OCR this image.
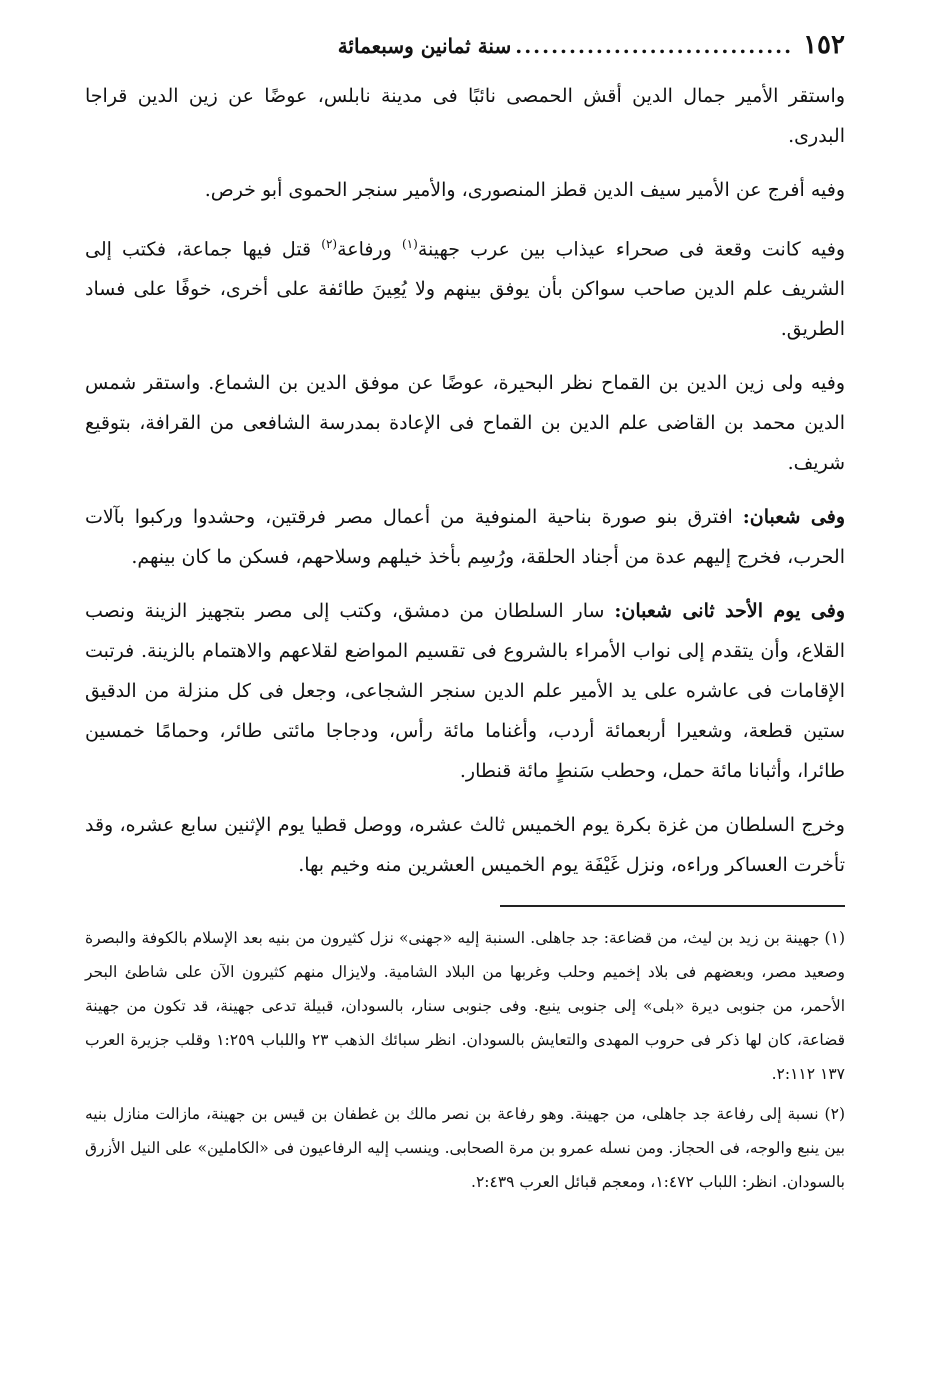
١٥٢
...............................
سنة ثمانين وسبعمائة

واستقر الأمير جمال الدين أقش الحمصى نائبًا فى مدينة نابلس، عوضًا عن زين الدين قراجا البدرى.

وفيه أفرج عن الأمير سيف الدين قطز المنصورى، والأمير سنجر الحموى أبو خرص.

وفيه كانت وقعة فى صحراء عيذاب بين عرب جهينة$^{(١)}$ ورفاعة$^{(٢)}$ قتل فيها جماعة، فكتب إلى الشريف علم الدين صاحب سواكن بأن يوفق بينهم ولا يُعِينَ طائفة على أخرى، خوفًا على فساد الطريق.

وفيه ولى زين الدين بن القماح نظر البحيرة، عوضًا عن موفق الدين بن الشماع. واستقر شمس الدين محمد بن القاضى علم الدين بن القماح فى الإعادة بمدرسة الشافعى من القرافة، بتوقيع شريف.

وفى شعبان: افترق بنو صورة بناحية المنوفية من أعمال مصر فرقتين، وحشدوا وركبوا بآلات الحرب، فخرج إليهم عدة من أجناد الحلقة، ورُسِم بأخذ خيلهم وسلاحهم، فسكن ما كان بينهم.

وفى يوم الأحد ثانى شعبان: سار السلطان من دمشق، وكتب إلى مصر بتجهيز الزينة ونصب القلاع، وأن يتقدم إلى نواب الأمراء بالشروع فى تقسيم المواضع لقلاعهم والاهتمام بالزينة. فرتبت الإقامات فى عاشره على يد الأمير علم الدين سنجر الشجاعى، وجعل فى كل منزلة من الدقيق ستين قطعة، وشعيرا أربعمائة أردب، وأغناما مائة رأس، ودجاجا مائتى طائر، وحمامًا خمسين طائرا، وأثبانا مائة حمل، وحطب سَنطٍ مائة قنطار.

وخرج السلطان من غزة بكرة يوم الخميس ثالث عشره، ووصل قطيا يوم الإثنين سابع عشره، وقد تأخرت العساكر وراءه، ونزل غَيْفَة يوم الخميس العشرين منه وخيم بها.

(١) جهينة بن زيد بن ليث، من قضاعة: جد جاهلى. السنبة إليه «جهنى» نزل كثيرون من بنيه بعد الإسلام بالكوفة والبصرة وصعيد مصر، وبعضهم فى بلاد إخميم وحلب وغربها من البلاد الشامية. ولايزال منهم كثيرون الآن على شاطئ البحر الأحمر، من جنوبى ديرة «بلى» إلى جنوبى ينبع. وفى جنوبى سنار، بالسودان، قبيلة تدعى جهينة، قد تكون من جهينة قضاعة، كان لها ذكر فى حروب المهدى والتعايش بالسودان. انظر سبائك الذهب ٢٣ واللباب ١:٢٥٩ وقلب جزيرة العرب ١٣٧ ٢:١١٢.

(٢) نسبة إلى رفاعة جد جاهلى، من جهينة. وهو رفاعة بن نصر مالك بن غطفان بن قيس بن جهينة، مازالت منازل بنيه بين ينبع والوجه، فى الحجاز. ومن نسله عمرو بن مرة الصحابى. وينسب إليه الرفاعيون فى «الكاملين» على النيل الأزرق بالسودان. انظر: اللباب ١:٤٧٢، ومعجم قبائل العرب ٢:٤٣٩.
